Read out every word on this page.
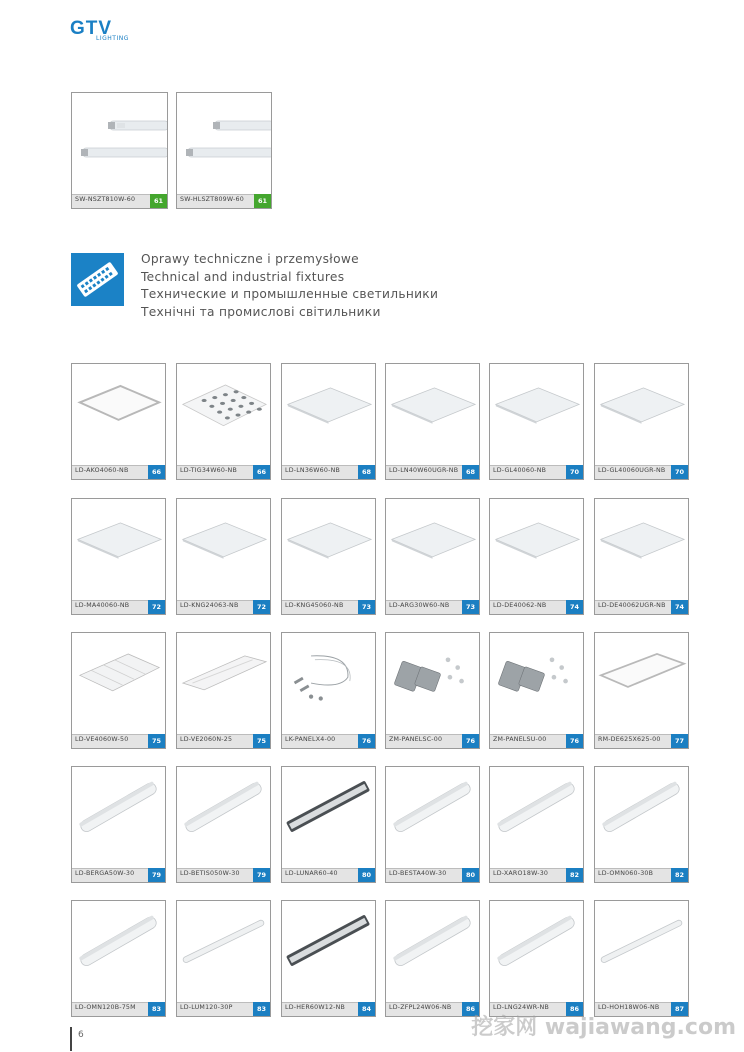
GTV
LIGHTING
SW-NSZT810W-60	61	SW-HLSZT809W-60	61
Oprawy techniczne i przemysłowe
Technical and industrial fixtures
Технические и промышленные светильники
Технічні та промислові світильники
LD-AKO4060-NB	66	LD-TIG34W60-NB	66	LD-LN36W60-NB	68	LD-LN40W60UGR-NB	68	LD-GL40060-NB	70	LD-GL40060UGR-NB	70
LD-MA40060-NB	72	LD-KNG24063-NB	72	LD-KNG45060-NB	73	LD-ARG30W60-NB	73	LD-DE40062-NB	74	LD-DE40062UGR-NB	74
LD-VE4060W-50	75	LD-VE2060N-25	75	LK-PANELX4-00	76	ZM-PANELSC-00	76	ZM-PANELSU-00	76	RM-DE625X625-00	77
LD-BERGA50W-30	79	LD-BETIS050W-30	79	LD-LUNAR60-40	80	LD-BESTA40W-30	80	LD-XARO18W-30	82	LD-OMN060-30B	82
LD-OMN120B-75M	83	LD-LUM120-30P	83	LD-HER60W12-NB	84	LD-ZFPL24W06-NB	86	LD-LNG24WR-NB	86	LD-HOH18W06-NB	87
6	挖家网 wajiawang.com
